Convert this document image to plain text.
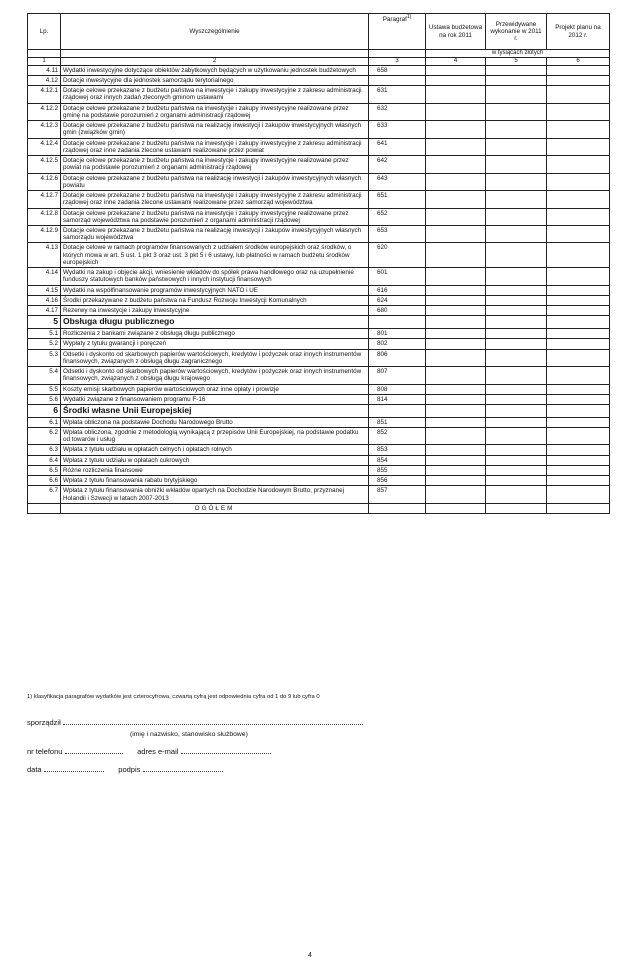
Lp.	Wyszczególnienie	Paragraf$^{1)}$	Ustawa budżetowa na rok 2011	Przewidywane wykonanie w 2011 r.	Projekt planu na 2012 r.
			w tysiącach złotych		
1	2	3	4	5	6
4.11	Wydatki inwestycyjne dotyczące obiektów zabytkowych będących w użytkowaniu jednostek budżetowych	658			
4.12	Dotacje inwestycyjne dla jednostek samorządu terytorialnego				
4.12.1	Dotacje celowe przekazane z budżetu państwa na inwestycje i zakupy inwestycyjne z zakresu administracji rządowej oraz innych zadań zleconych gminom ustawami	631			
4.12.2	Dotacje celowe przekazane z budżetu państwa na inwestycje i zakupy inwestycyjne realizowane przez gminę na podstawie porozumień z organami administracji rządowej	632			
4.12.3	Dotacje celowe przekazane z budżetu państwa na realizację inwestycji i zakupów inwestycyjnych własnych gmin (związków gmin)	633			
4.12.4	Dotacje celowe przekazane z budżetu państwa na inwestycje i zakupy inwestycyjne z zakresu administracji rządowej oraz inne zadania zlecone ustawami realizowane przez powiat	641			
4.12.5	Dotacje celowe przekazane z budżetu państwa na inwestycje i zakupy inwestycyjne realizowane przez powiat na podstawie porozumień z organami administracji rządowej	642			
4.12.6	Dotacje celowe przekazane z budżetu państwa na realizację inwestycji i zakupów inwestycyjnych własnych powiatu	643			
4.12.7	Dotacje celowe przekazane z budżetu państwa na inwestycje i zakupy inwestycyjne z zakresu administracji rządowej oraz inne zadania zlecone ustawami realizowane przez samorząd województwa	651			
4.12.8	Dotacje celowe przekazane z budżetu państwa na inwestycje i zakupy inwestycyjne realizowane przez samorząd województwa na podstawie porozumień z organami administracji rządowej	652			
4.12.9	Dotacje celowe przekazane z budżetu państwa na realizację inwestycji i zakupów inwestycyjnych własnych samorządu województwa	653			
4.13	Dotacje celowe w ramach programów finansowanych z udziałem środków europejskich oraz środków, o których mowa w art. 5 ust. 1 pkt 3 oraz ust. 3 pkt 5 i 6 ustawy, lub płatności w ramach budżetu środków europejskich	620			
4.14	Wydatki na zakup i objęcie akcji, wniesienie wkładów do spółek prawa handlowego oraz na uzupełnienie funduszy statutowych banków państwowych i innych instytucji finansowych	601			
4.15	Wydatki na współfinansowanie programów inwestycyjnych NATO i UE	616			
4.16	Środki przekazywane z budżetu państwa na Fundusz Rozwoju Inwestycji Komunalnych	624			
4.17	Rezerwy na inwestycje i zakupy inwestycyjne	680			
5	Obsługa długu publicznego				
5.1	Rozliczenia z bankami związane z obsługą długu publicznego	801			
5.2	Wypłaty z tytułu gwarancji i poręczeń	802			
5.3	Odsetki i dyskonto od skarbowych papierów wartościowych, kredytów i pożyczek oraz innych instrumentów finansowych, związanych z obsługą długu zagranicznego	806			
5.4	Odsetki i dyskonto od skarbowych papierów wartościowych, kredytów i pożyczek oraz innych instrumentów finansowych, związanych z obsługą długu krajowego	807			
5.5	Koszty emisji skarbowych papierów wartościowych oraz inne opłaty i prowizje	808			
5.6	Wydatki związane z finansowaniem programu F-16	814			
6	Środki własne Unii Europejskiej				
6.1	Wpłata obliczona na podstawie Dochodu Narodowego Brutto	851			
6.2	Wpłata obliczona, zgodnie z metodologią wynikającą z przepisów Unii Europejskiej, na podstawie podatku od towarów i usług	852			
6.3	Wpłata z tytułu udziału w opłatach celnych i opłatach rolnych	853			
6.4	Wpłata z tytułu udziału w opłatach cukrowych	854			
6.5	Różne rozliczenia finansowe	855			
6.6	Wpłata z tytułu finansowania rabatu brytyjskiego	856			
6.7	Wpłata z tytułu finansowania obniżki wkładów opartych na Dochodzie Narodowym Brutto, przyznanej Holandii i Szwecji w latach 2007-2013	857			
	OGÓŁEM				
1) klasyfikacja paragrafów wydatków jest czterocyfrowa, czwartą cyfrą jest odpowiednia cyfra od 1 do 9 lub cyfra 0
sporządził
(imię i nazwisko, stanowisko służbowe)
nr telefonu	adres e-mail
data	podpis
4
